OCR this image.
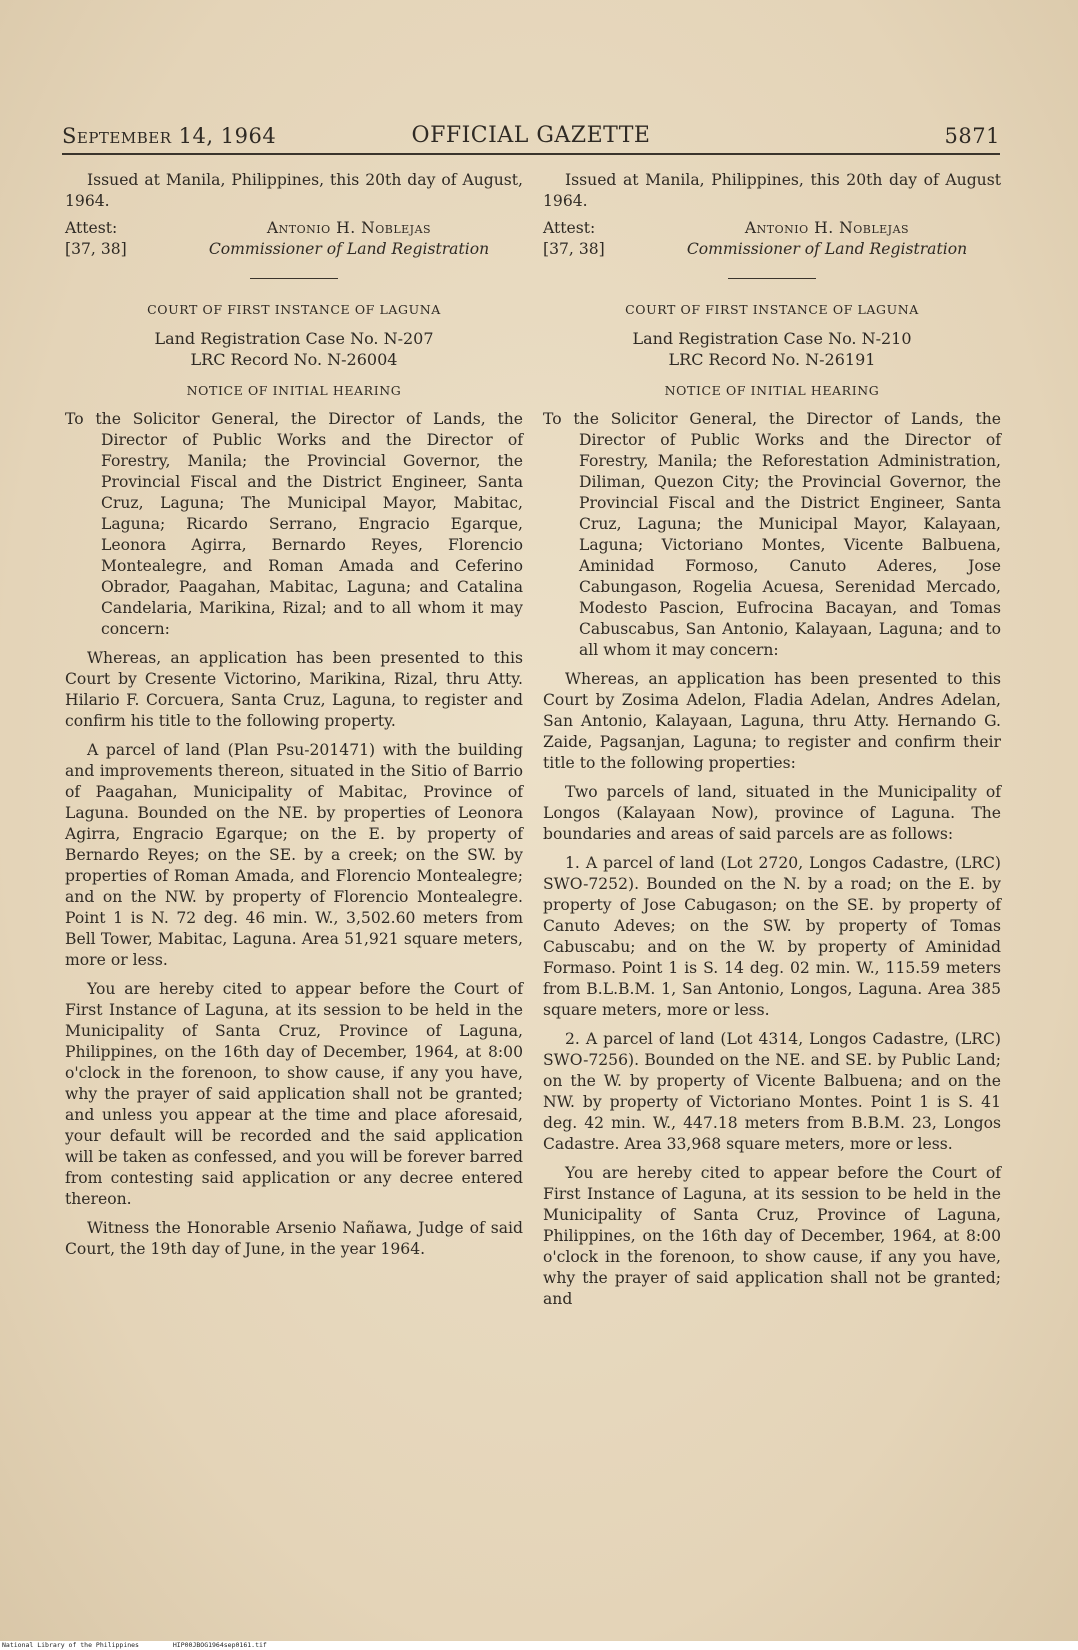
September 14, 1964	OFFICIAL GAZETTE	5871

Issued at Manila, Philippines, this 20th day of August, 1964.

Attest:	Antonio H. Noblejas
[37, 38]	Commissioner of Land Registration

COURT OF FIRST INSTANCE OF LAGUNA

Land Registration Case No. N-207

LRC Record No. N-26004

NOTICE OF INITIAL HEARING

To the Solicitor General, the Director of Lands, the Director of Public Works and the Director of Forestry, Manila; the Provincial Governor, the Provincial Fiscal and the District Engineer, Santa Cruz, Laguna; The Municipal Mayor, Mabitac, Laguna; Ricardo Serrano, Engracio Egarque, Leonora Agirra, Bernardo Reyes, Florencio Montealegre, and Roman Amada and Ceferino Obrador, Paagahan, Mabitac, Laguna; and Catalina Candelaria, Marikina, Rizal; and to all whom it may concern:

Whereas, an application has been presented to this Court by Cresente Victorino, Marikina, Rizal, thru Atty. Hilario F. Corcuera, Santa Cruz, Laguna, to register and confirm his title to the following property.

A parcel of land (Plan Psu-201471) with the building and improvements thereon, situated in the Sitio of Barrio of Paagahan, Municipality of Mabitac, Province of Laguna. Bounded on the NE. by properties of Leonora Agirra, Engracio Egarque; on the E. by property of Bernardo Reyes; on the SE. by a creek; on the SW. by properties of Roman Amada, and Florencio Montealegre; and on the NW. by property of Florencio Montealegre. Point 1 is N. 72 deg. 46 min. W., 3,502.60 meters from Bell Tower, Mabitac, Laguna. Area 51,921 square meters, more or less.

You are hereby cited to appear before the Court of First Instance of Laguna, at its session to be held in the Municipality of Santa Cruz, Province of Laguna, Philippines, on the 16th day of December, 1964, at 8:00 o'clock in the forenoon, to show cause, if any you have, why the prayer of said application shall not be granted; and unless you appear at the time and place aforesaid, your default will be recorded and the said application will be taken as confessed, and you will be forever barred from contesting said application or any decree entered thereon.

Witness the Honorable Arsenio Nañawa, Judge of said Court, the 19th day of June, in the year 1964.

Issued at Manila, Philippines, this 20th day of August 1964.

Attest:	Antonio H. Noblejas
[37, 38]	Commissioner of Land Registration

COURT OF FIRST INSTANCE OF LAGUNA

Land Registration Case No. N-210

LRC Record No. N-26191

NOTICE OF INITIAL HEARING

To the Solicitor General, the Director of Lands, the Director of Public Works and the Director of Forestry, Manila; the Reforestation Administration, Diliman, Quezon City; the Provincial Governor, the Provincial Fiscal and the District Engineer, Santa Cruz, Laguna; the Municipal Mayor, Kalayaan, Laguna; Victoriano Montes, Vicente Balbuena, Aminidad Formoso, Canuto Aderes, Jose Cabungason, Rogelia Acuesa, Serenidad Mercado, Modesto Pascion, Eufrocina Bacayan, and Tomas Cabuscabus, San Antonio, Kalayaan, Laguna; and to all whom it may concern:

Whereas, an application has been presented to this Court by Zosima Adelon, Fladia Adelan, Andres Adelan, San Antonio, Kalayaan, Laguna, thru Atty. Hernando G. Zaide, Pagsanjan, Laguna; to register and confirm their title to the following properties:

Two parcels of land, situated in the Municipality of Longos (Kalayaan Now), province of Laguna. The boundaries and areas of said parcels are as follows:

1. A parcel of land (Lot 2720, Longos Cadastre, (LRC) SWO-7252). Bounded on the N. by a road; on the E. by property of Jose Cabugason; on the SE. by property of Canuto Adeves; on the SW. by property of Tomas Cabuscabu; and on the W. by property of Aminidad Formaso. Point 1 is S. 14 deg. 02 min. W., 115.59 meters from B.L.B.M. 1, San Antonio, Longos, Laguna. Area 385 square meters, more or less.

2. A parcel of land (Lot 4314, Longos Cadastre, (LRC) SWO-7256). Bounded on the NE. and SE. by Public Land; on the W. by property of Vicente Balbuena; and on the NW. by property of Victoriano Montes. Point 1 is S. 41 deg. 42 min. W., 447.18 meters from B.B.M. 23, Longos Cadastre. Area 33,968 square meters, more or less.

You are hereby cited to appear before the Court of First Instance of Laguna, at its session to be held in the Municipality of Santa Cruz, Province of Laguna, Philippines, on the 16th day of December, 1964, at 8:00 o'clock in the forenoon, to show cause, if any you have, why the prayer of said application shall not be granted; and

National Library of the Philippines	HIP00JBOG1964sep0161.tif
